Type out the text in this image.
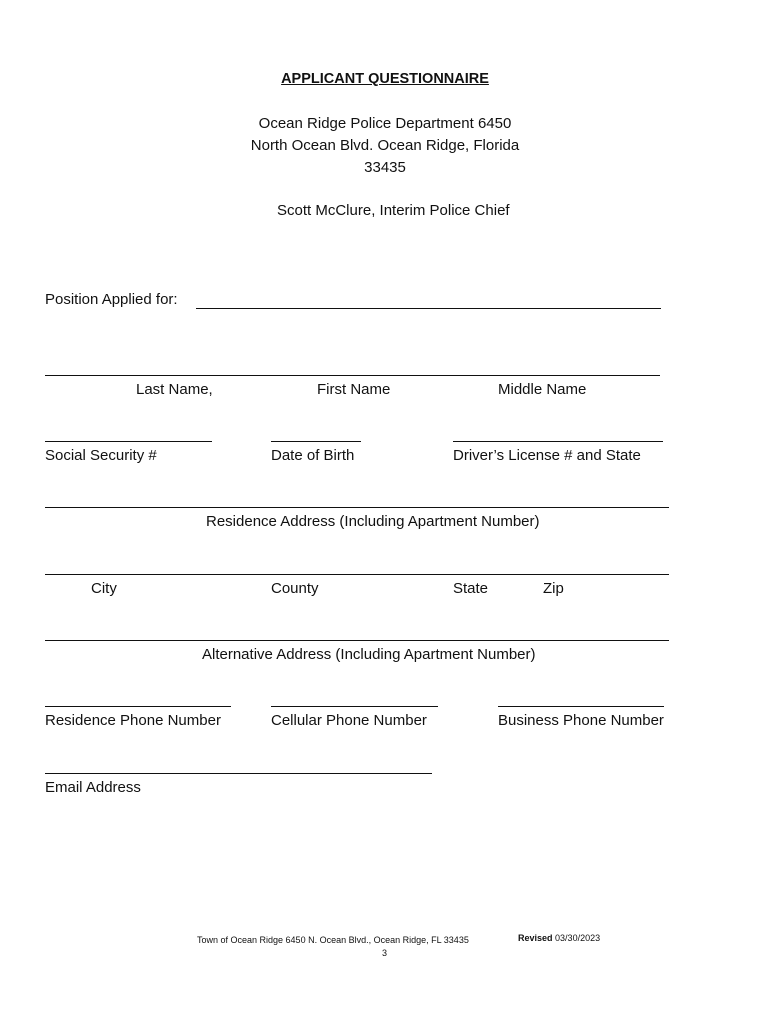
APPLICANT QUESTIONNAIRE
Ocean Ridge Police Department 6450
North Ocean Blvd. Ocean Ridge, Florida
33435
Scott McClure, Interim Police Chief
Position Applied for:
Last Name,	First Name	Middle Name
Social Security #	Date of Birth	Driver’s License # and State
Residence Address (Including Apartment Number)
City	County	State	Zip
Alternative Address (Including Apartment Number)
Residence Phone Number	Cellular Phone Number	Business Phone Number
Email Address
Town of Ocean Ridge 6450 N. Ocean Blvd., Ocean Ridge, FL 33435	Revised 03/30/2023
3
